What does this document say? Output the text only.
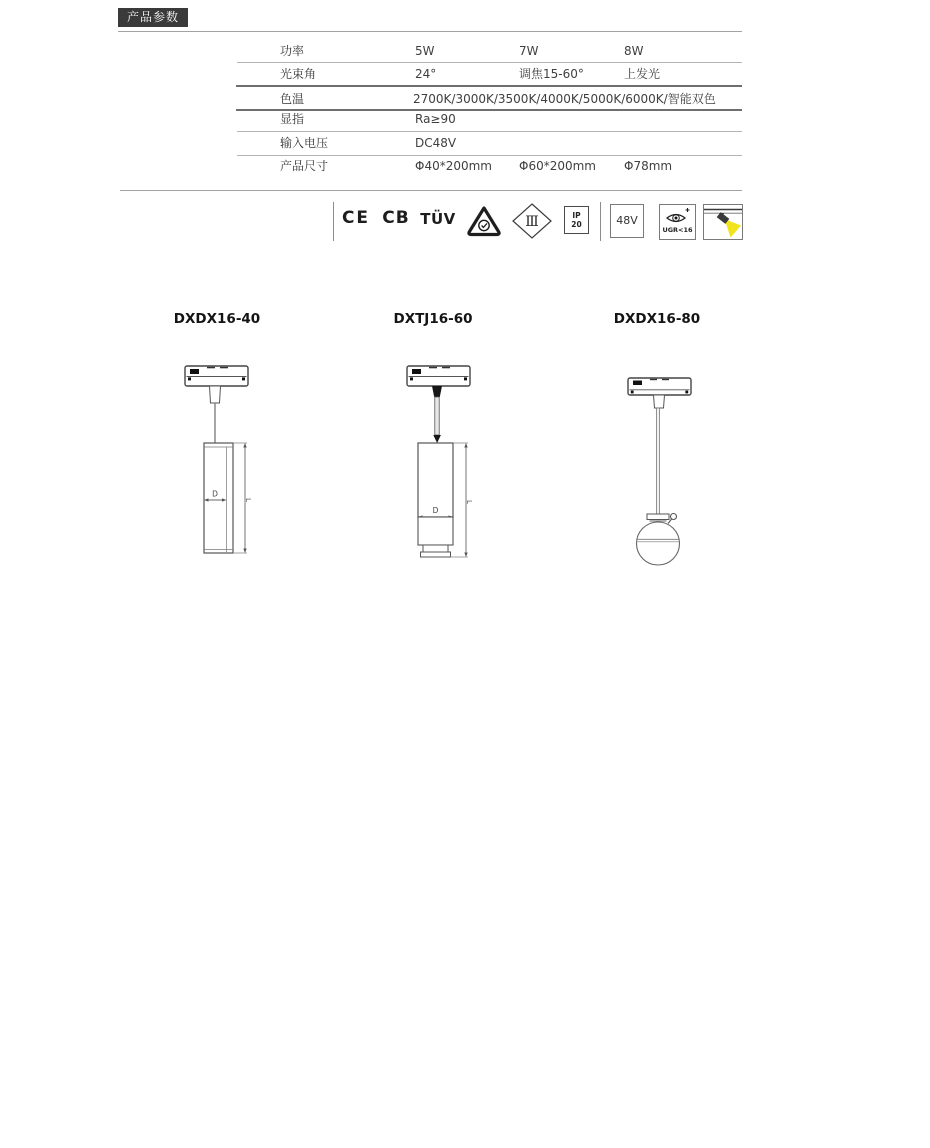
产品参数
功率	5W	7W	8W
光束角	24°	调焦15-60°	上发光
色温	2700K/3000K/3500K/4000K/5000K/6000K/智能双色
显指	Ra≥90
输入电压	DC48V
产品尺寸	Φ40*200mm Φ60*200mm Φ78mm
CE CB TÜV	Ⅲ	IP
20	48V
UGR<16
DXDX16-40	DXTJ16-60	DXDX16-80
D
L
D
L
